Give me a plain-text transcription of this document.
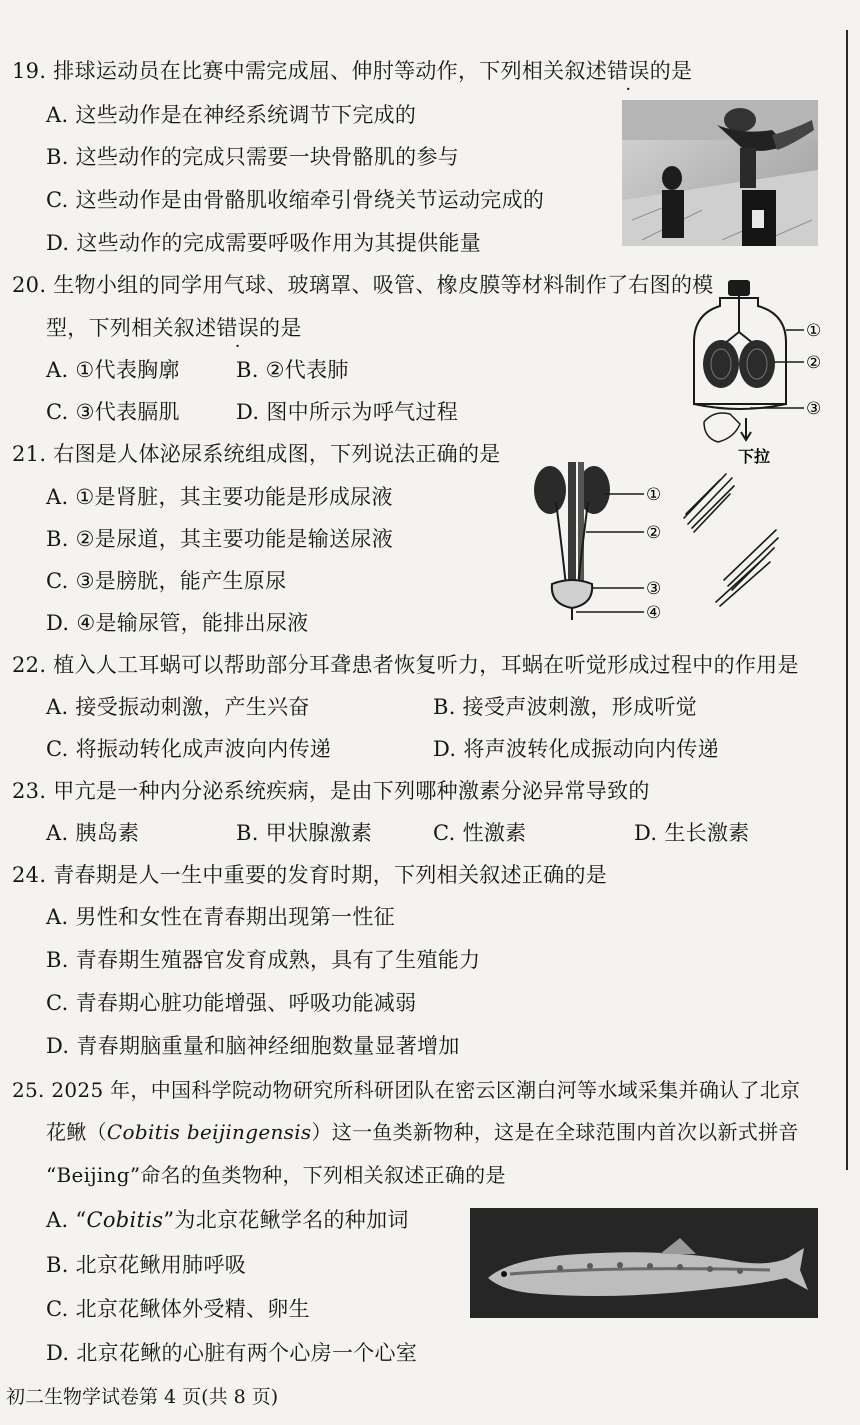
19. 排球运动员在比赛中需完成屈、伸肘等动作，下列相关叙述错误的是
A. 这些动作是在神经系统调节下完成的
B. 这些动作的完成只需要一块骨骼肌的参与
C. 这些动作是由骨骼肌收缩牵引骨绕关节运动完成的
D. 这些动作的完成需要呼吸作用为其提供能量
20. 生物小组的同学用气球、玻璃罩、吸管、橡皮膜等材料制作了右图的模
型，下列相关叙述错误的是
A. ①代表胸廓	B. ②代表肺
C. ③代表膈肌	D. 图中所示为呼气过程
①
②
③
下拉
21. 右图是人体泌尿系统组成图，下列说法正确的是
A. ①是肾脏，其主要功能是形成尿液
B. ②是尿道，其主要功能是输送尿液
C. ③是膀胱，能产生原尿
D. ④是输尿管，能排出尿液
①
②
③
④
22. 植入人工耳蜗可以帮助部分耳聋患者恢复听力，耳蜗在听觉形成过程中的作用是
A. 接受振动刺激，产生兴奋	B. 接受声波刺激，形成听觉
C. 将振动转化成声波向内传递	D. 将声波转化成振动向内传递
23. 甲亢是一种内分泌系统疾病，是由下列哪种激素分泌异常导致的
A. 胰岛素	B. 甲状腺激素	C. 性激素	D. 生长激素
24. 青春期是人一生中重要的发育时期，下列相关叙述正确的是
A. 男性和女性在青春期出现第一性征
B. 青春期生殖器官发育成熟，具有了生殖能力
C. 青春期心脏功能增强、呼吸功能减弱
D. 青春期脑重量和脑神经细胞数量显著增加
25. 2025 年，中国科学院动物研究所科研团队在密云区潮白河等水域采集并确认了北京
花鳅（Cobitis beijingensis）这一鱼类新物种，这是在全球范围内首次以新式拼音
“Beijing”命名的鱼类物种，下列相关叙述正确的是
A. “Cobitis”为北京花鳅学名的种加词
B. 北京花鳅用肺呼吸
C. 北京花鳅体外受精、卵生
D. 北京花鳅的心脏有两个心房一个心室
初二生物学试卷第 4 页(共 8 页)
